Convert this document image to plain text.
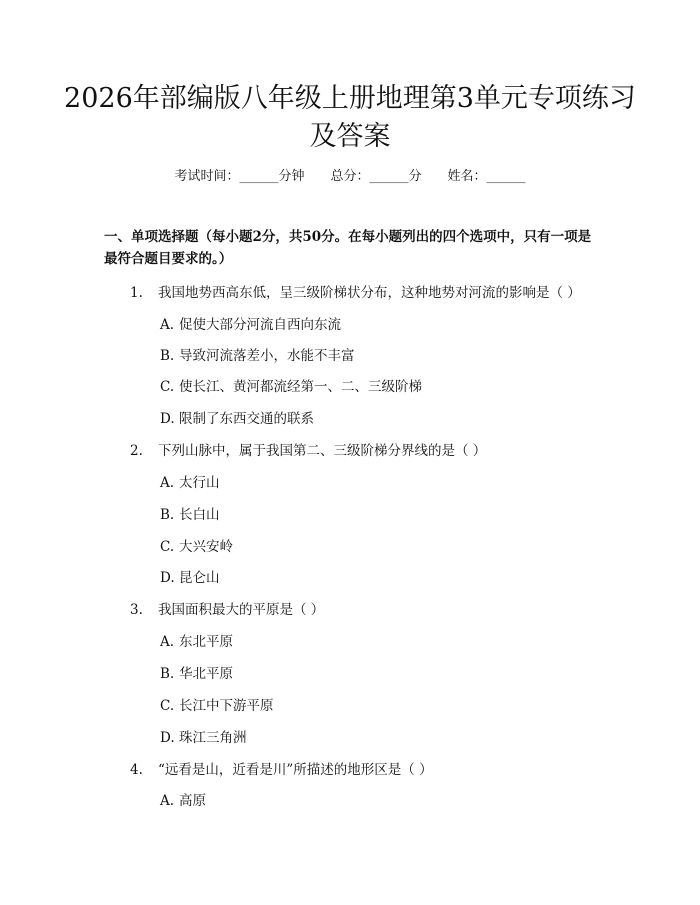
2026年部编版八年级上册地理第3单元专项练习及答案
考试时间：______分钟 总分：______分 姓名：______

一、单项选择题（每小题2分，共50分。在每小题列出的四个选项中，只有一项是最符合题目要求的。）

1. 我国地势西高东低，呈三级阶梯状分布，这种地势对河流的影响是（ ）
A. 促使大部分河流自西向东流
B. 导致河流落差小，水能不丰富
C. 使长江、黄河都流经第一、二、三级阶梯
D. 限制了东西交通的联系
2. 下列山脉中，属于我国第二、三级阶梯分界线的是（ ）
A. 太行山
B. 长白山
C. 大兴安岭
D. 昆仑山
3. 我国面积最大的平原是（ ）
A. 东北平原
B. 华北平原
C. 长江中下游平原
D. 珠江三角洲
4. “远看是山，近看是川”所描述的地形区是（ ）
A. 高原
